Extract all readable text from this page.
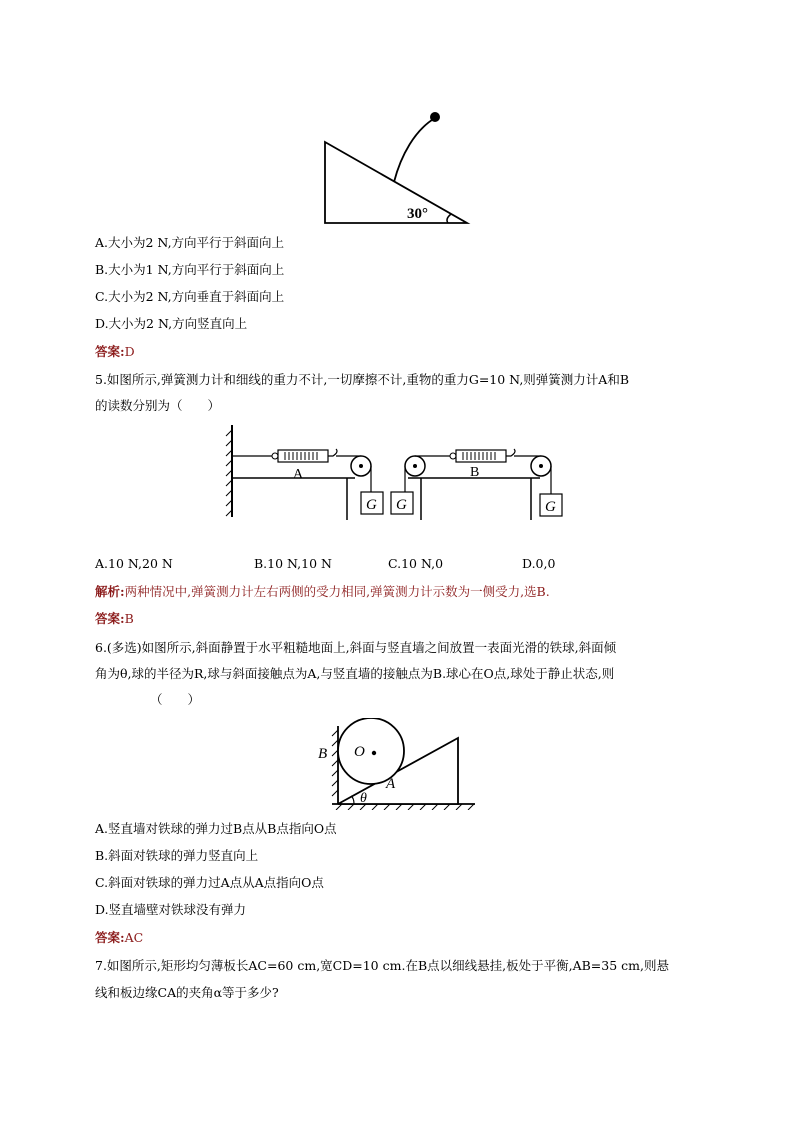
30°
A.大小为2 N,方向平行于斜面向上
B.大小为1 N,方向平行于斜面向上
C.大小为2 N,方向垂直于斜面向上
D.大小为2 N,方向竖直向上
答案:D
5.如图所示,弹簧测力计和细线的重力不计,一切摩擦不计,重物的重力G=10 N,则弹簧测力计A和B
的读数分别为（　　）
A
G G
B
G
A.10 N,20 N	B.10 N,10 N	C.10 N,0	D.0,0
解析:两种情况中,弹簧测力计左右两侧的受力相同,弹簧测力计示数为一侧受力,选B.
答案:B
6.(多选)如图所示,斜面静置于水平粗糙地面上,斜面与竖直墙之间放置一表面光滑的铁球,斜面倾
角为θ,球的半径为R,球与斜面接触点为A,与竖直墙的接触点为B.球心在O点,球处于静止状态,则
（　　）
O
B
A
θ
A.竖直墙对铁球的弹力过B点从B点指向O点
B.斜面对铁球的弹力竖直向上
C.斜面对铁球的弹力过A点从A点指向O点
D.竖直墙壁对铁球没有弹力
答案:AC
7.如图所示,矩形均匀薄板长AC=60 cm,宽CD=10 cm.在B点以细线悬挂,板处于平衡,AB=35 cm,则悬
线和板边缘CA的夹角α等于多少?
